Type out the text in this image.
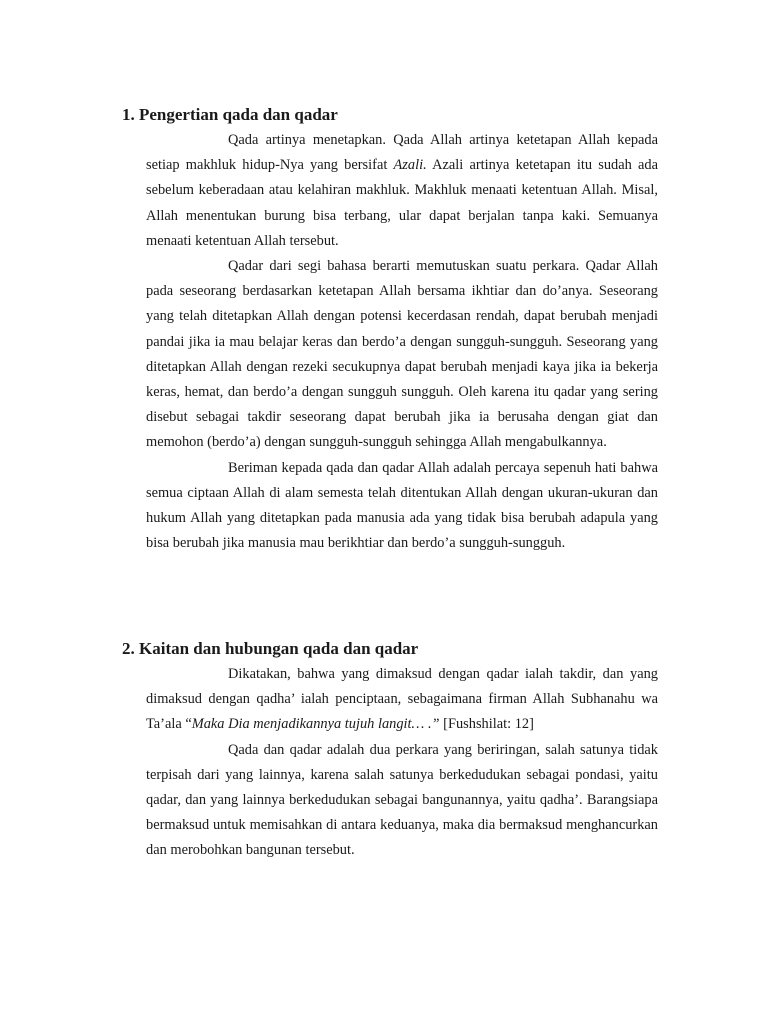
1. Pengertian qada dan qadar

Qada artinya menetapkan. Qada Allah artinya ketetapan Allah kepada setiap makhluk hidup-Nya yang bersifat Azali. Azali artinya ketetapan itu sudah ada sebelum keberadaan atau kelahiran makhluk. Makhluk menaati ketentuan Allah. Misal, Allah menentukan burung bisa terbang, ular dapat berjalan tanpa kaki. Semuanya menaati ketentuan Allah tersebut.

Qadar dari segi bahasa berarti memutuskan suatu perkara. Qadar Allah pada seseorang berdasarkan ketetapan Allah bersama ikhtiar dan do’anya. Seseorang yang telah ditetapkan Allah dengan potensi kecerdasan rendah, dapat berubah menjadi pandai jika ia mau belajar keras dan berdo’a dengan sungguh-sungguh. Seseorang yang ditetapkan Allah dengan rezeki secukupnya dapat berubah menjadi kaya jika ia bekerja keras, hemat, dan berdo’a dengan sungguh sungguh. Oleh karena itu qadar yang sering disebut sebagai takdir seseorang dapat berubah jika ia berusaha dengan giat dan memohon (berdo’a) dengan sungguh-sungguh sehingga Allah mengabulkannya.

Beriman kepada qada dan qadar Allah adalah percaya sepenuh hati bahwa semua ciptaan Allah di alam semesta telah ditentukan Allah dengan ukuran-ukuran dan hukum Allah yang ditetapkan pada manusia ada yang tidak bisa berubah adapula yang bisa berubah jika manusia mau berikhtiar dan berdo’a sungguh-sungguh.

2. Kaitan dan hubungan qada dan qadar

Dikatakan, bahwa yang dimaksud dengan qadar ialah takdir, dan yang dimaksud dengan qadha’ ialah penciptaan, sebagaimana firman Allah Subhanahu wa Ta’ala “Maka Dia menjadikannya tujuh langit… .” [Fushshilat: 12]

Qada dan qadar adalah dua perkara yang beriringan, salah satunya tidak terpisah dari yang lainnya, karena salah satunya berkedudukan sebagai pondasi, yaitu qadar, dan yang lainnya berkedudukan sebagai bangunannya, yaitu qadha’. Barangsiapa bermaksud untuk memisahkan di antara keduanya, maka dia bermaksud menghancurkan dan merobohkan bangunan tersebut.
